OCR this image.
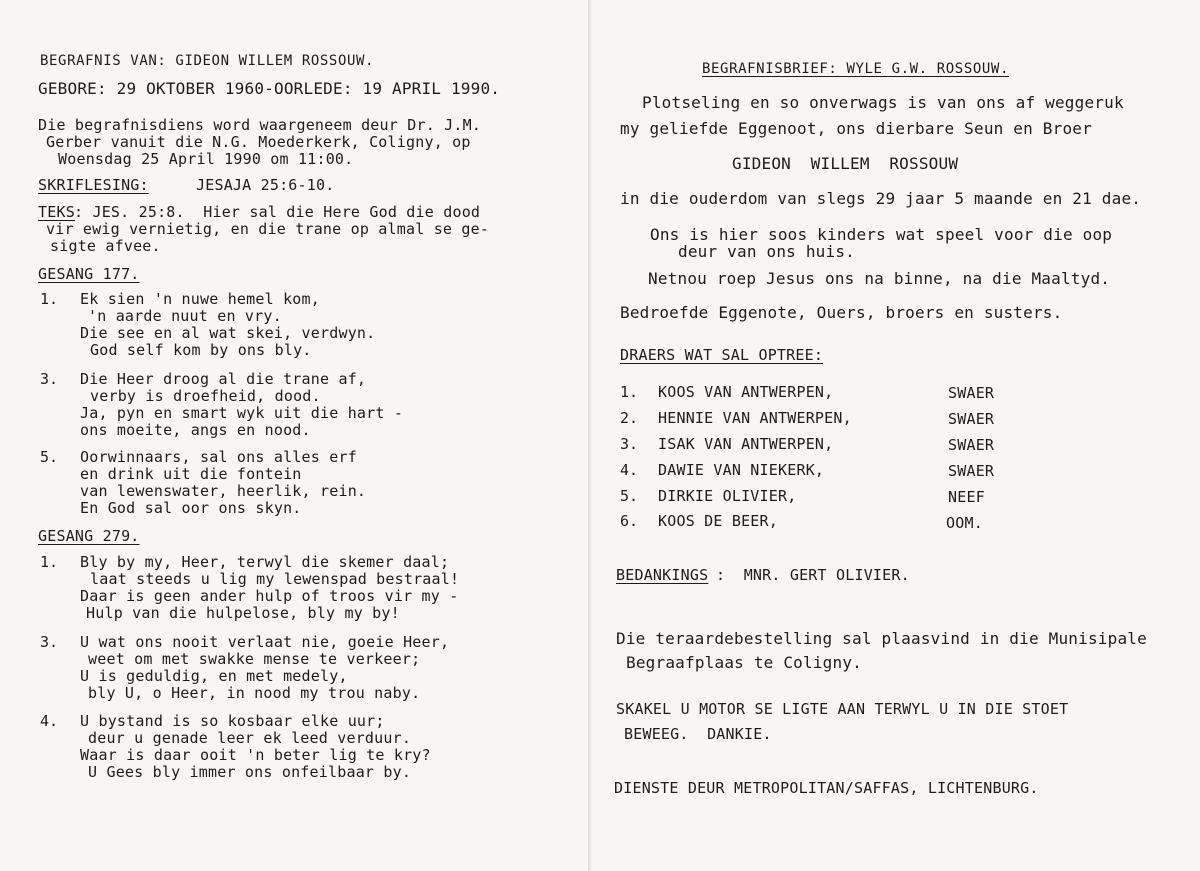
BEGRAFNIS VAN: GIDEON WILLEM ROSSOUW.
GEBORE: 29 OKTOBER 1960-OORLEDE: 19 APRIL 1990.
Die begrafnisdiens word waargeneem deur Dr. J.M.
Gerber vanuit die N.G. Moederkerk, Coligny, op
Woensdag 25 April 1990 om 11:00.
SKRIFLESING:	JESAJA 25:6-10.
TEKS : JES. 25:8.  Hier sal die Here God die dood
vir ewig vernietig, en die trane op almal se ge-
sigte afvee.
GESANG 177.
1. Ek sien 'n nuwe hemel kom,
'n aarde nuut en vry.
Die see en al wat skei, verdwyn.
God self kom by ons bly.
3. Die Heer droog al die trane af,
verby is droefheid, dood.
Ja, pyn en smart wyk uit die hart -
ons moeite, angs en nood.
5. Oorwinnaars, sal ons alles erf
en drink uit die fontein
van lewenswater, heerlik, rein.
En God sal oor ons skyn.
GESANG 279.
1. Bly by my, Heer, terwyl die skemer daal;
laat steeds u lig my lewenspad bestraal!
Daar is geen ander hulp of troos vir my -
Hulp van die hulpelose, bly my by!
3. U wat ons nooit verlaat nie, goeie Heer,
weet om met swakke mense te verkeer;
U is geduldig, en met medely,
bly U, o Heer, in nood my trou naby.
4. U bystand is so kosbaar elke uur;
deur u genade leer ek leed verduur.
Waar is daar ooit 'n beter lig te kry?
U Gees bly immer ons onfeilbaar by.
BEGRAFNISBRIEF: WYLE G.W. ROSSOUW.
Plotseling en so onverwags is van ons af weggeruk
my geliefde Eggenoot, ons dierbare Seun en Broer
GIDEON  WILLEM  ROSSOUW
in die ouderdom van slegs 29 jaar 5 maande en 21 dae.
Ons is hier soos kinders wat speel voor die oop
deur van ons huis.
Netnou roep Jesus ons na binne, na die Maaltyd.
Bedroefde Eggenote, Ouers, broers en susters.
DRAERS WAT SAL OPTREE:
1. KOOS VAN ANTWERPEN,	SWAER
2. HENNIE VAN ANTWERPEN,	SWAER
3. ISAK VAN ANTWERPEN,	SWAER
4. DAWIE VAN NIEKERK,	SWAER
5. DIRKIE OLIVIER,	NEEF
6. KOOS DE BEER,	OOM.
BEDANKINGS :  MNR. GERT OLIVIER.
Die teraardebestelling sal plaasvind in die Munisipale
Begraafplaas te Coligny.
SKAKEL U MOTOR SE LIGTE AAN TERWYL U IN DIE STOET
BEWEEG.  DANKIE.
DIENSTE DEUR METROPOLITAN/SAFFAS, LICHTENBURG.
